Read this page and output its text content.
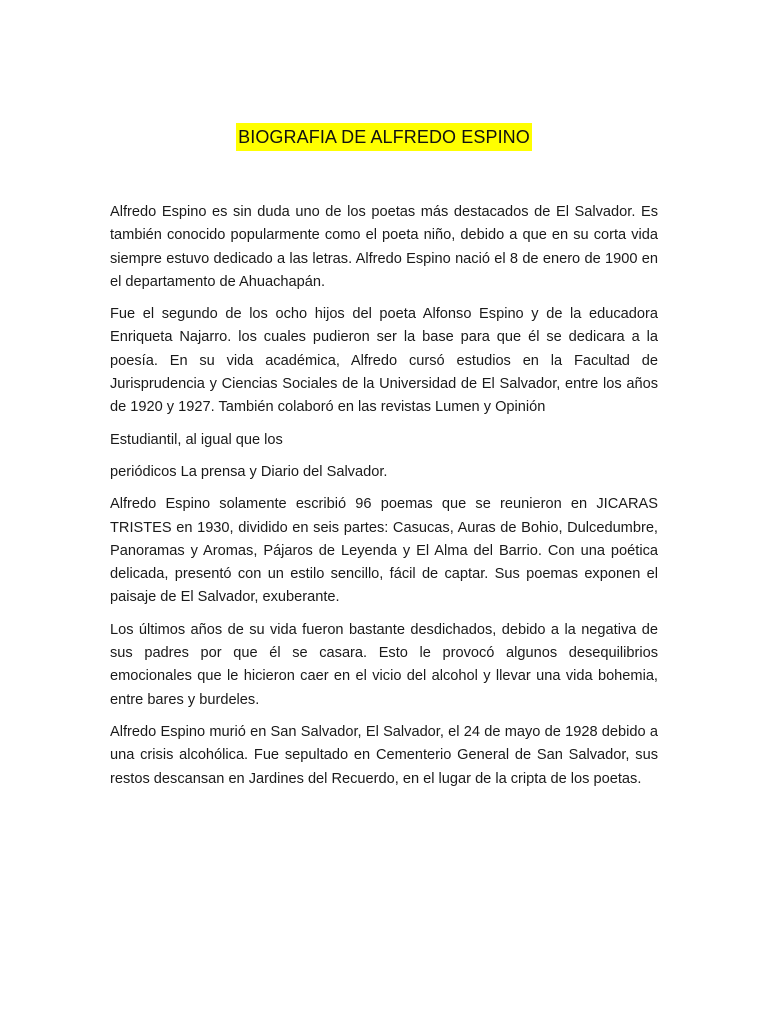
BIOGRAFIA DE ALFREDO ESPINO

Alfredo Espino es sin duda uno de los poetas más destacados de El Salvador. Es también conocido popularmente como el poeta niño, debido a que en su corta vida siempre estuvo dedicado a las letras. Alfredo Espino nació el 8 de enero de 1900 en el departamento de Ahuachapán.

Fue el segundo de los ocho hijos del poeta Alfonso Espino y de la educadora Enriqueta Najarro. los cuales pudieron ser la base para que él se dedicara a la poesía. En su vida académica, Alfredo cursó estudios en la Facultad de Jurisprudencia y Ciencias Sociales de la Universidad de El Salvador, entre los años de 1920 y 1927. También colaboró en las revistas Lumen y Opinión

Estudiantil, al igual que los

periódicos La prensa y Diario del Salvador.

Alfredo Espino solamente escribió 96 poemas que se reunieron en JICARAS TRISTES en 1930, dividido en seis partes: Casucas, Auras de Bohio, Dulcedumbre, Panoramas y Aromas, Pájaros de Leyenda y El Alma del Barrio. Con una poética delicada, presentó con un estilo sencillo, fácil de captar. Sus poemas exponen el paisaje de El Salvador, exuberante.

Los últimos años de su vida fueron bastante desdichados, debido a la negativa de sus padres por que él se casara. Esto le provocó algunos desequilibrios emocionales que le hicieron caer en el vicio del alcohol y llevar una vida bohemia, entre bares y burdeles.

Alfredo Espino murió en San Salvador, El Salvador, el 24 de mayo de 1928 debido a una crisis alcohólica. Fue sepultado en Cementerio General de San Salvador, sus restos descansan en Jardines del Recuerdo, en el lugar de la cripta de los poetas.
